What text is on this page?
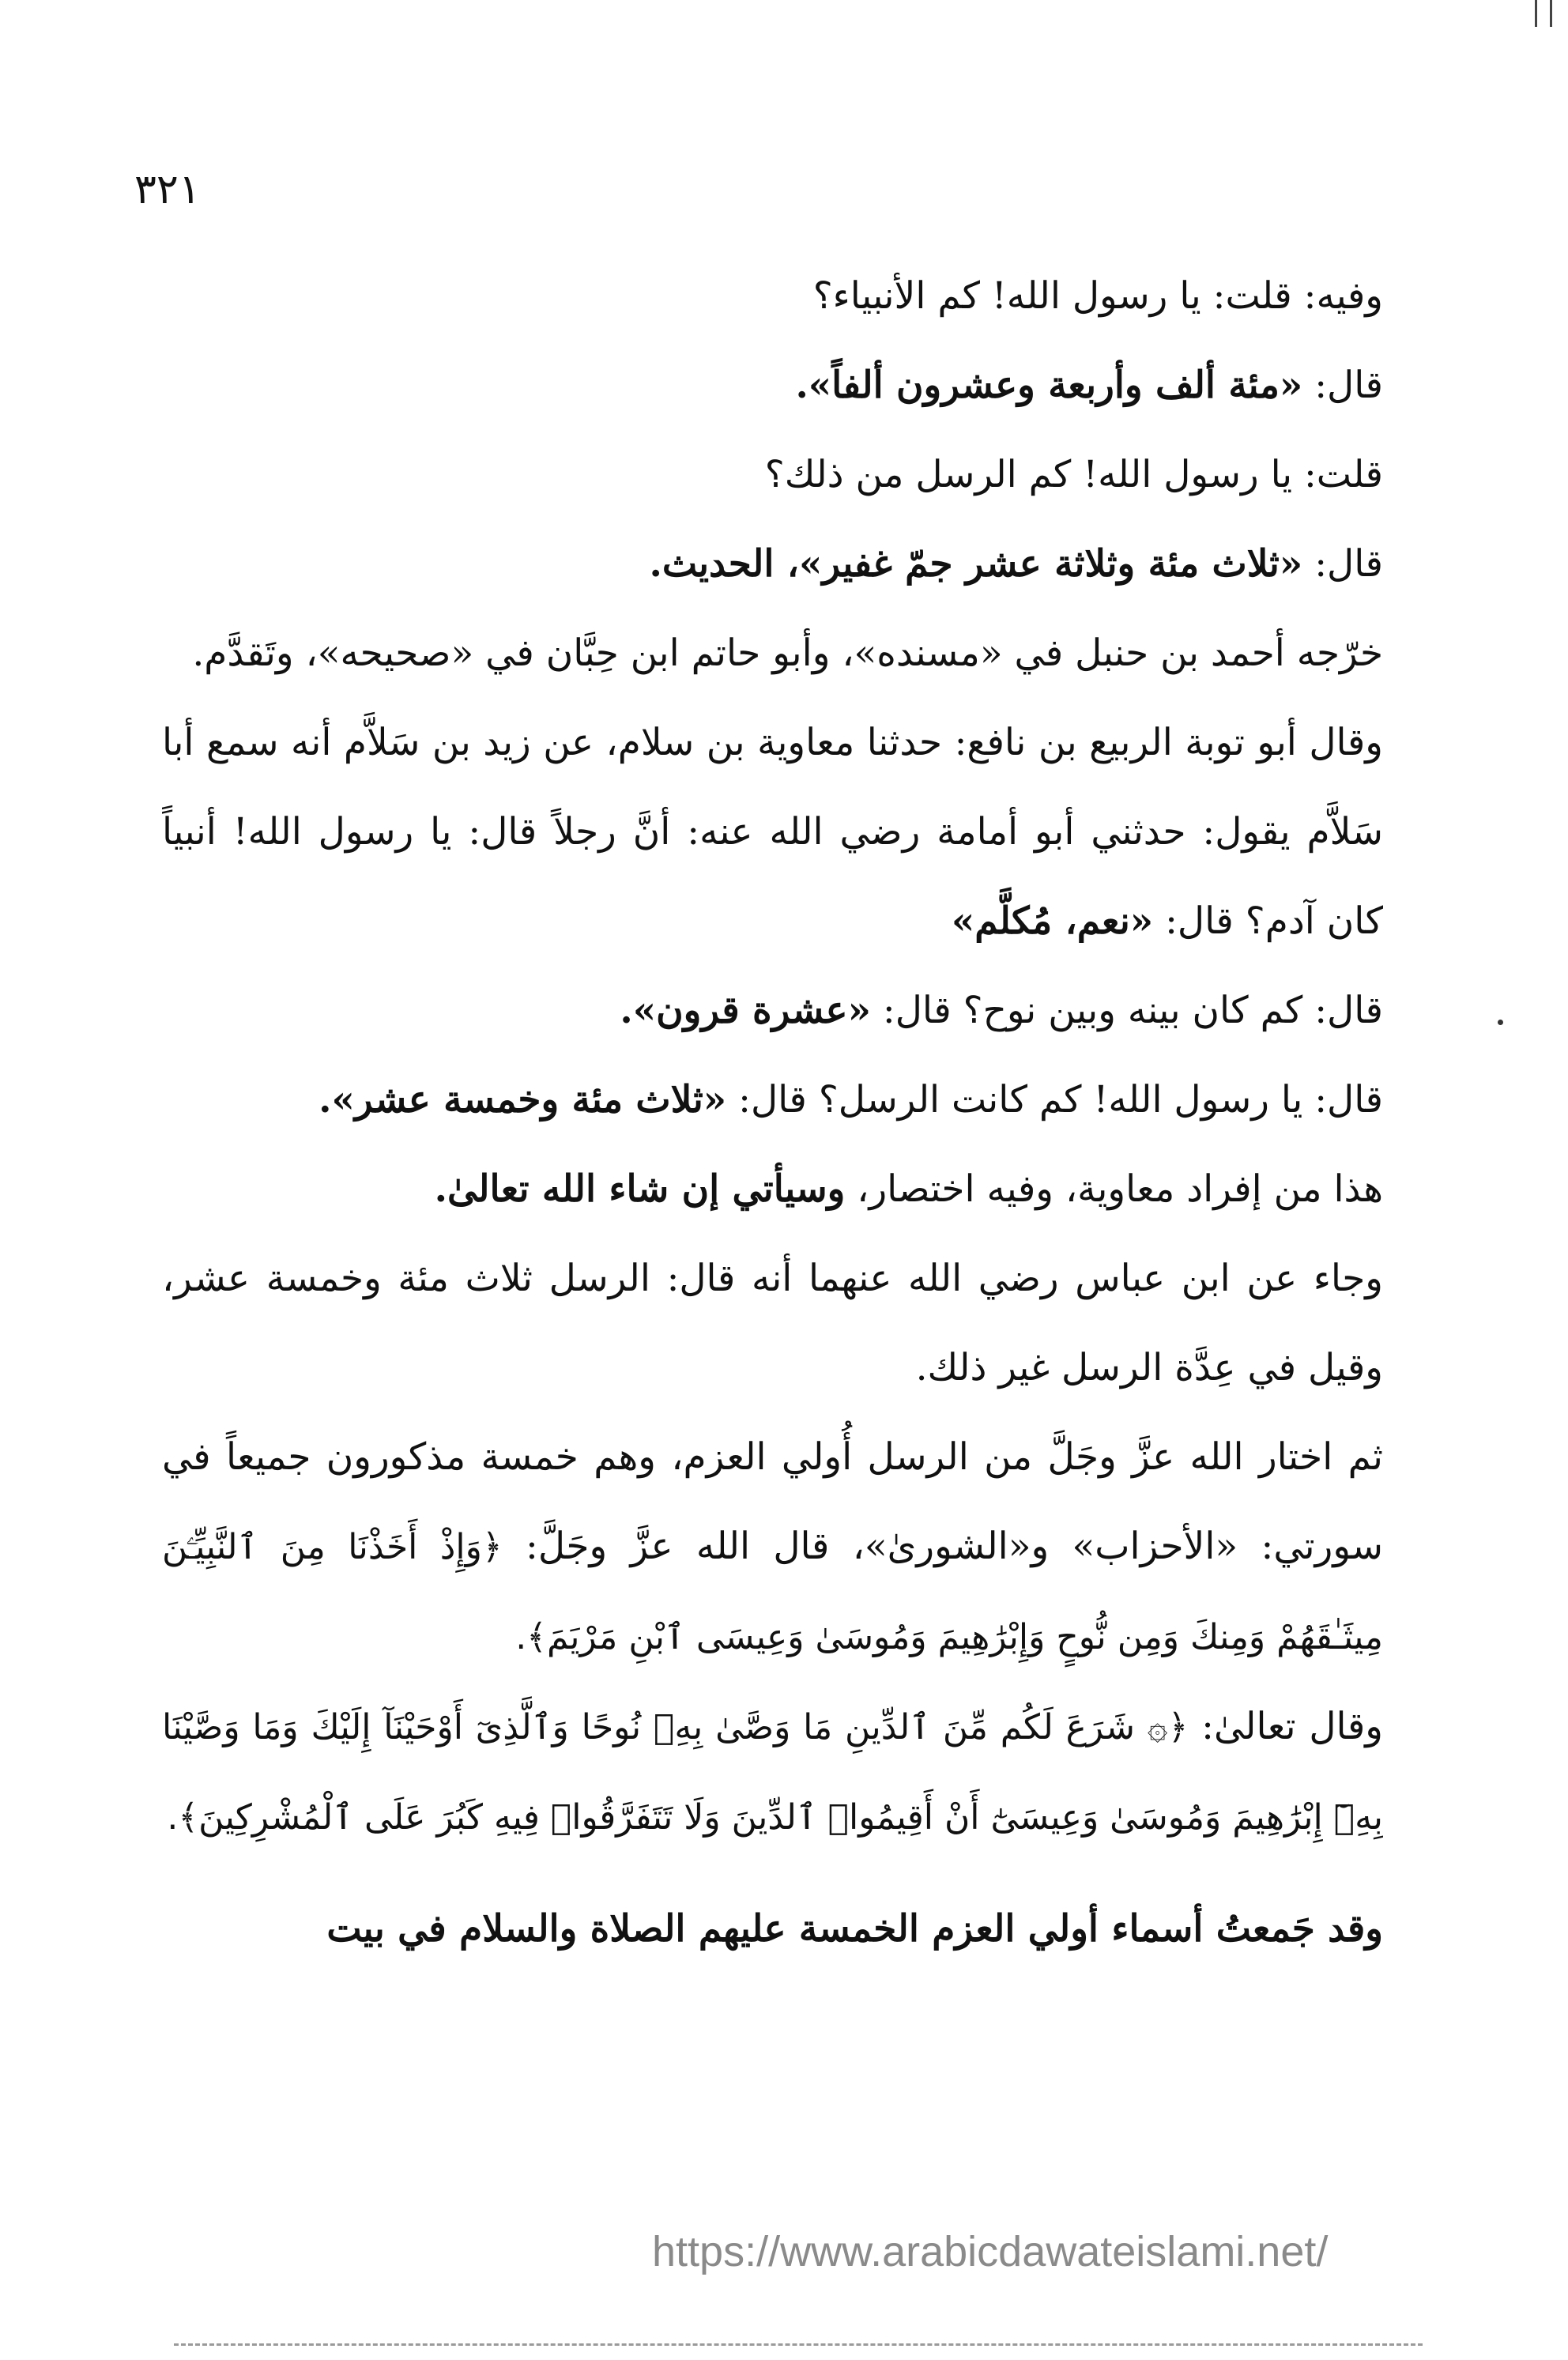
٣٢١

وفيه: قلت: يا رسول الله! كم الأنبياء؟

قال: «مئة ألف وأربعة وعشرون ألفاً».

قلت: يا رسول الله! كم الرسل من ذلك؟

قال: «ثلاث مئة وثلاثة عشر جمّ غفير»، الحديث.

خرّجه أحمد بن حنبل في «مسنده»، وأبو حاتم ابن حِبَّان في «صحيحه»، وتَقدَّم.

وقال أبو توبة الربيع بن نافع: حدثنا معاوية بن سلام، عن زيد بن سَلاَّم أنه سمع أبا سَلاَّم يقول: حدثني أبو أمامة رضي الله عنه: أنَّ رجلاً قال: يا رسول الله! أنبياً كان آدم؟ قال: «نعم، مُكلَّم»

قال: كم كان بينه وبين نوح؟ قال: «عشرة قرون».

قال: يا رسول الله! كم كانت الرسل؟ قال: «ثلاث مئة وخمسة عشر».

هذا من إفراد معاوية، وفيه اختصار، وسيأتي إن شاء الله تعالىٰ.

وجاء عن ابن عباس رضي الله عنهما أنه قال: الرسل ثلاث مئة وخمسة عشر، وقيل في عِدَّة الرسل غير ذلك.

ثم اختار الله عزَّ وجَلَّ من الرسل أُولي العزم، وهم خمسة مذكورون جميعاً في سورتي: «الأحزاب» و«الشورىٰ»، قال الله عزَّ وجَلَّ: ﴿وَإِذْ أَخَذْنَا مِنَ ٱلنَّبِيِّـۧنَ مِيثَـٰقَهُمْ وَمِنكَ وَمِن نُّوحٍ وَإِبْرَٰهِيمَ وَمُوسَىٰ وَعِيسَى ٱبْنِ مَرْيَمَ﴾.

وقال تعالىٰ: ﴿۞ شَرَعَ لَكُم مِّنَ ٱلدِّينِ مَا وَصَّىٰ بِهِۦ نُوحًا وَٱلَّذِىٓ أَوْحَيْنَآ إِلَيْكَ وَمَا وَصَّيْنَا بِهِۦٓ إِبْرَٰهِيمَ وَمُوسَىٰ وَعِيسَىٰٓ أَنْ أَقِيمُوا۟ ٱلدِّينَ وَلَا تَتَفَرَّقُوا۟ فِيهِ كَبُرَ عَلَى ٱلْمُشْرِكِينَ﴾.

وقد جَمعتُ أسماء أولي العزم الخمسة عليهم الصلاة والسلام في بيت

https://www.arabicdawateislami.net/
